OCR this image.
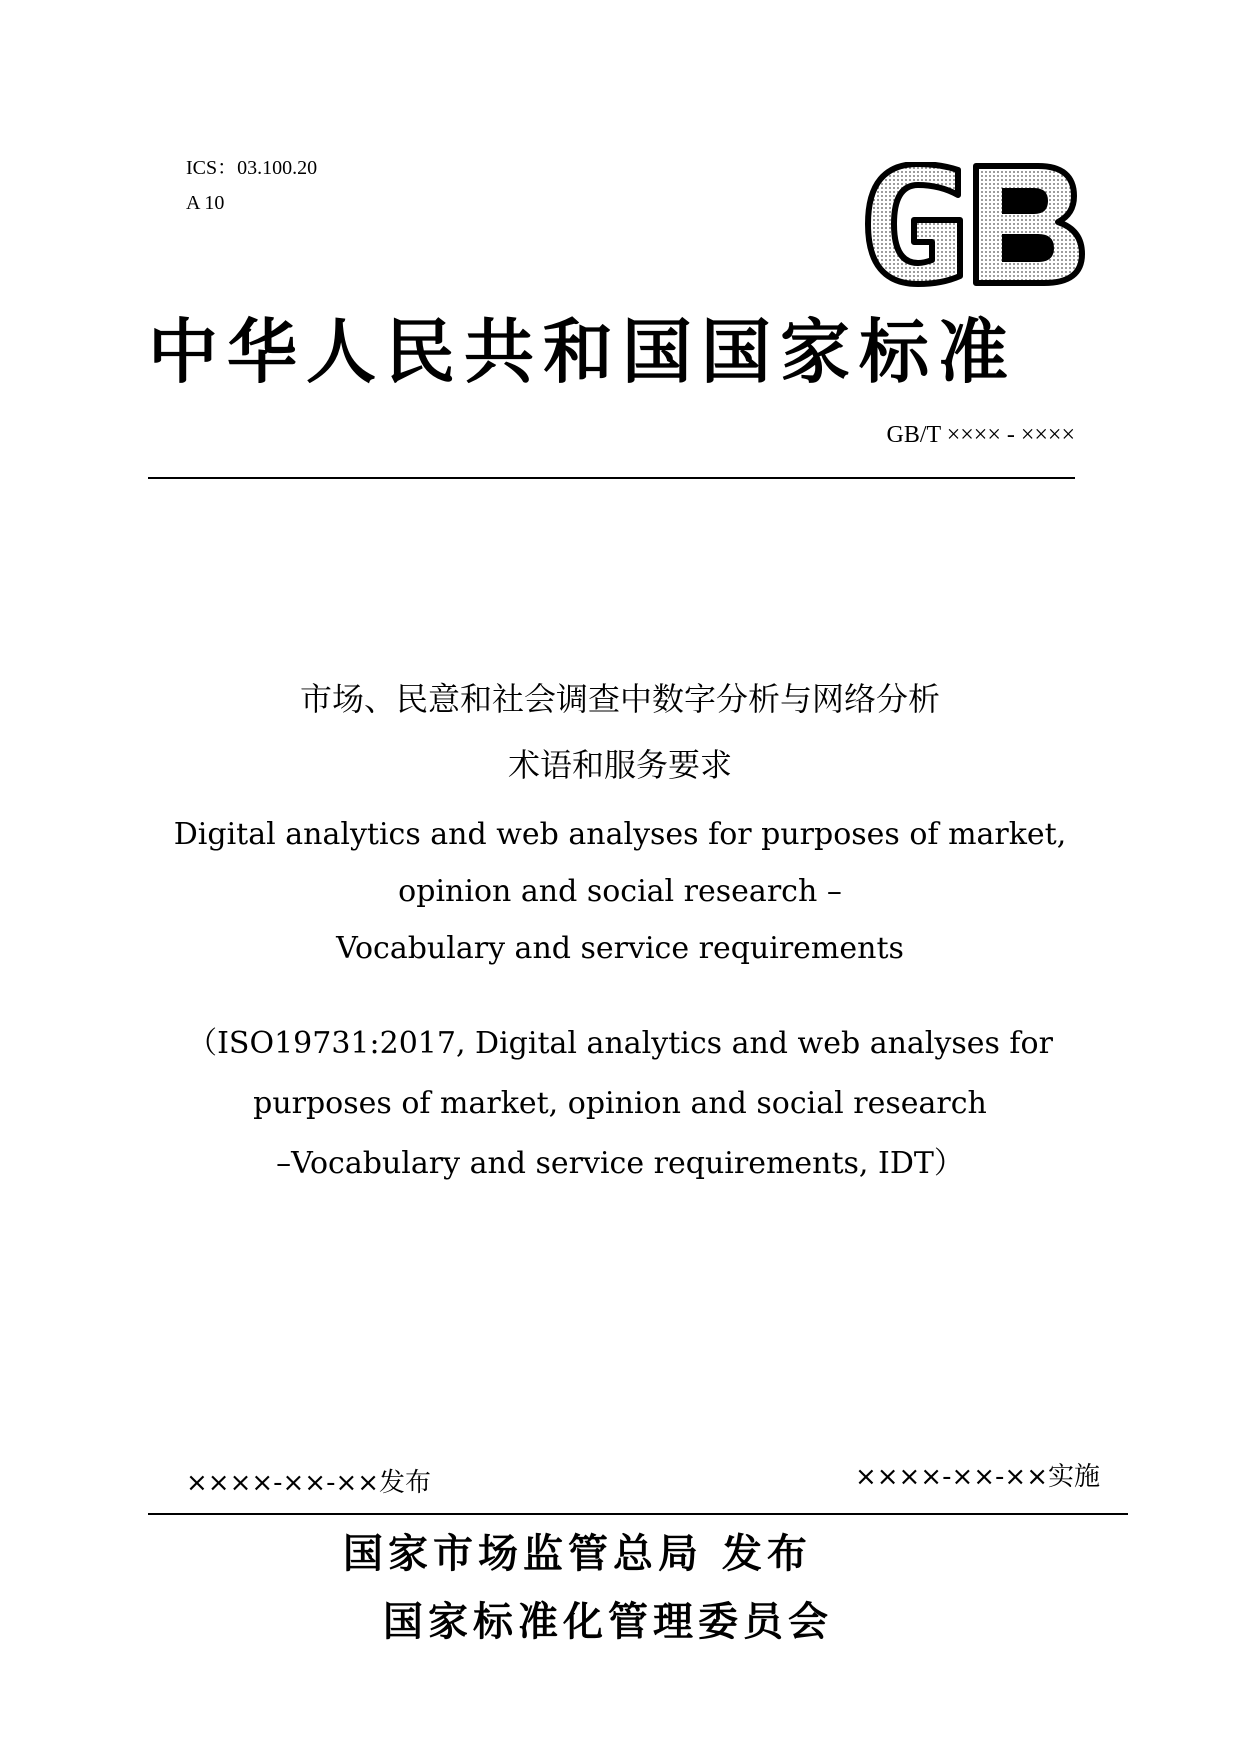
ICS：03.100.20
A 10
中华人民共和国国家标准
GB/T ×××× - ××××
市场、民意和社会调查中数字分析与网络分析
术语和服务要求
Digital analytics and web analyses for purposes of market,
opinion and social research –
Vocabulary and service requirements
（ISO19731:2017, Digital analytics and web analyses for
purposes of market, opinion and social research
–Vocabulary and service requirements, IDT）
××××-××-××发布	××××-××-××实施
国家市场监管总局 发布
国家标准化管理委员会
